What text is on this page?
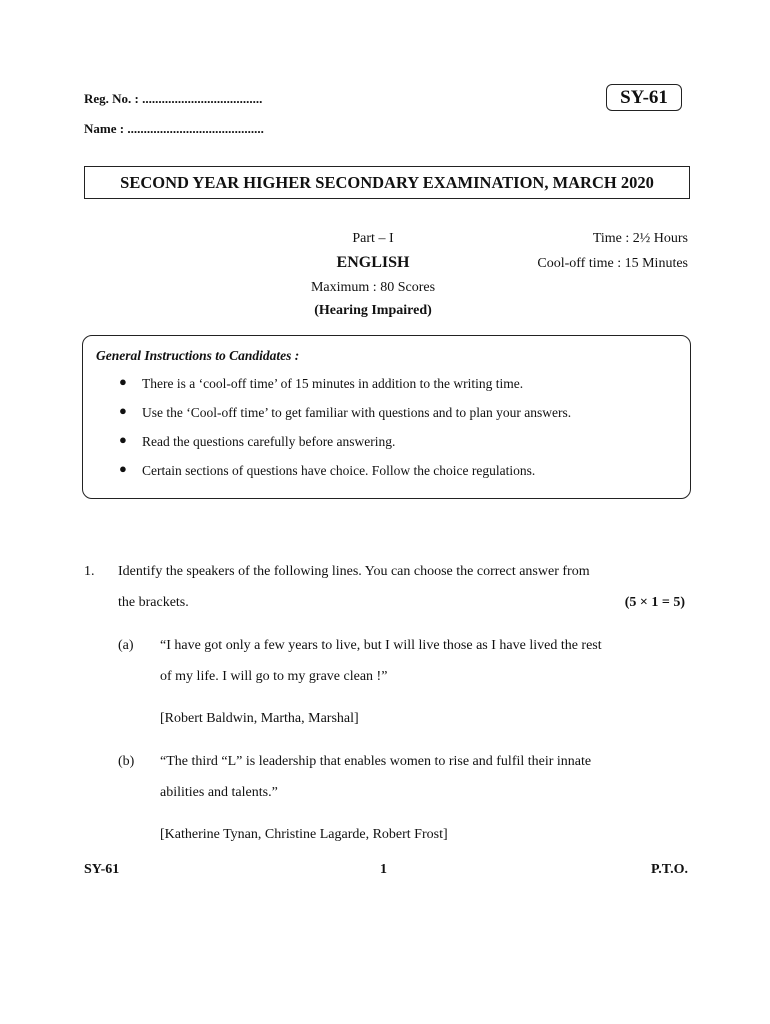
Reg. No. : .....................................
Name : ..........................................
SY-61
SECOND YEAR HIGHER SECONDARY EXAMINATION, MARCH 2020
Part – I
ENGLISH
Maximum : 80 Scores
(Hearing Impaired)
Time : 2½ Hours
Cool-off time : 15 Minutes
General Instructions to Candidates :
● There is a ‘cool-off time’ of 15 minutes in addition to the writing time.
● Use the ‘Cool-off time’ to get familiar with questions and to plan your answers.
● Read the questions carefully before answering.
● Certain sections of questions have choice. Follow the choice regulations.
1. Identify the speakers of the following lines. You can choose the correct answer from
the brackets.	(5 × 1 = 5)
(a) “I have got only a few years to live, but I will live those as I have lived the rest
of my life. I will go to my grave clean !”
[Robert Baldwin, Martha, Marshal]
(b) “The third “L” is leadership that enables women to rise and fulfil their innate
abilities and talents.”
[Katherine Tynan, Christine Lagarde, Robert Frost]
SY-61	1	P.T.O.
